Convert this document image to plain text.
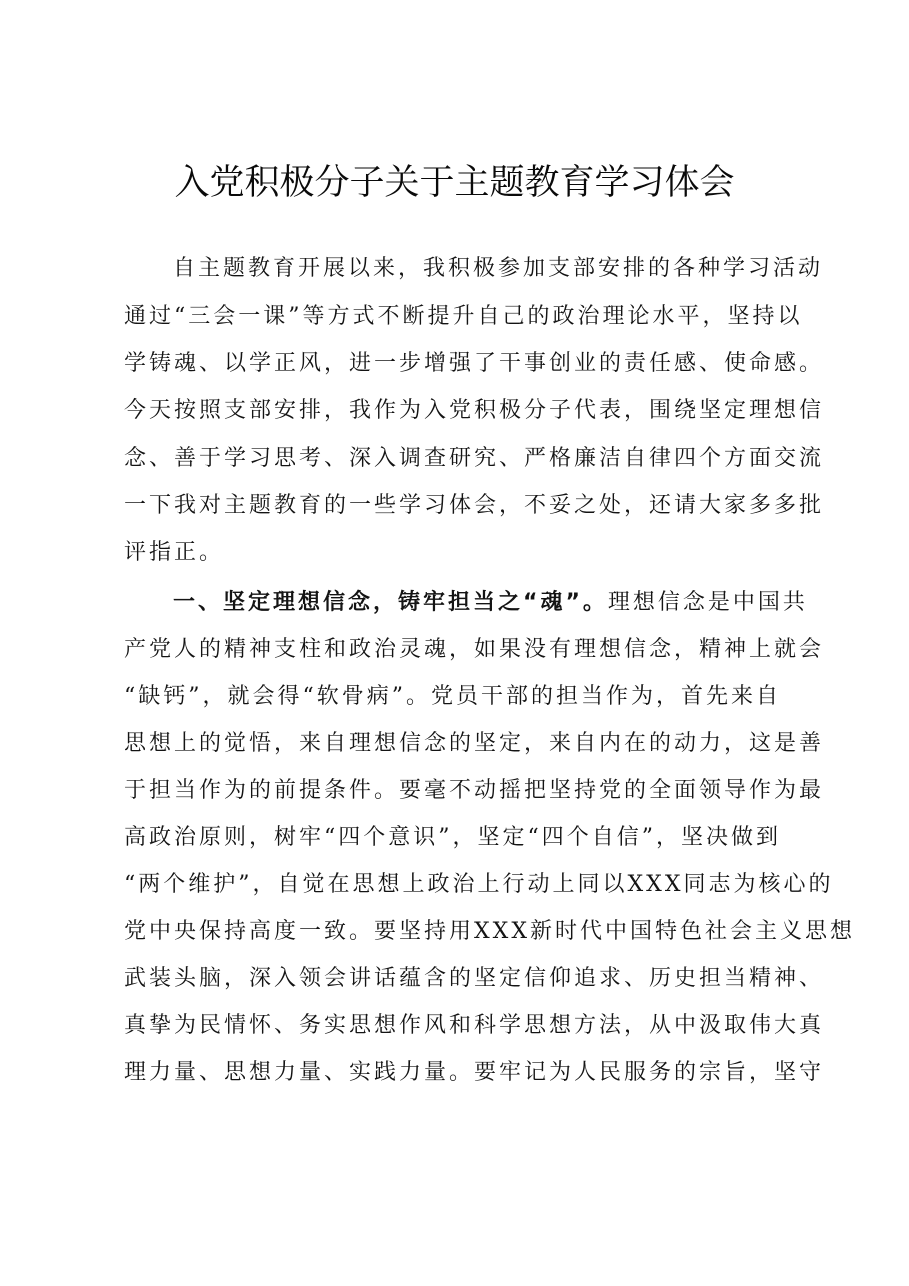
入党积极分子关于主题教育学习体会
自主题教育开展以来，我积极参加支部安排的各种学习活动
通过“三会一课”等方式不断提升自己的政治理论水平，坚持以
学铸魂、以学正风，进一步增强了干事创业的责任感、使命感。
今天按照支部安排，我作为入党积极分子代表，围绕坚定理想信
念、善于学习思考、深入调查研究、严格廉洁自律四个方面交流
一下我对主题教育的一些学习体会，不妥之处，还请大家多多批
评指正。
一、坚定理想信念，铸牢担当之“魂”。理想信念是中国共
产党人的精神支柱和政治灵魂，如果没有理想信念，精神上就会
“缺钙”，就会得“软骨病”。党员干部的担当作为，首先来自
思想上的觉悟，来自理想信念的坚定，来自内在的动力，这是善
于担当作为的前提条件。要毫不动摇把坚持党的全面领导作为最
高政治原则，树牢“四个意识”，坚定“四个自信”，坚决做到
“两个维护”，自觉在思想上政治上行动上同以XXX同志为核心的
党中央保持高度一致。要坚持用XXX新时代中国特色社会主义思想
武装头脑，深入领会讲话蕴含的坚定信仰追求、历史担当精神、
真挚为民情怀、务实思想作风和科学思想方法，从中汲取伟大真
理力量、思想力量、实践力量。要牢记为人民服务的宗旨，坚守
